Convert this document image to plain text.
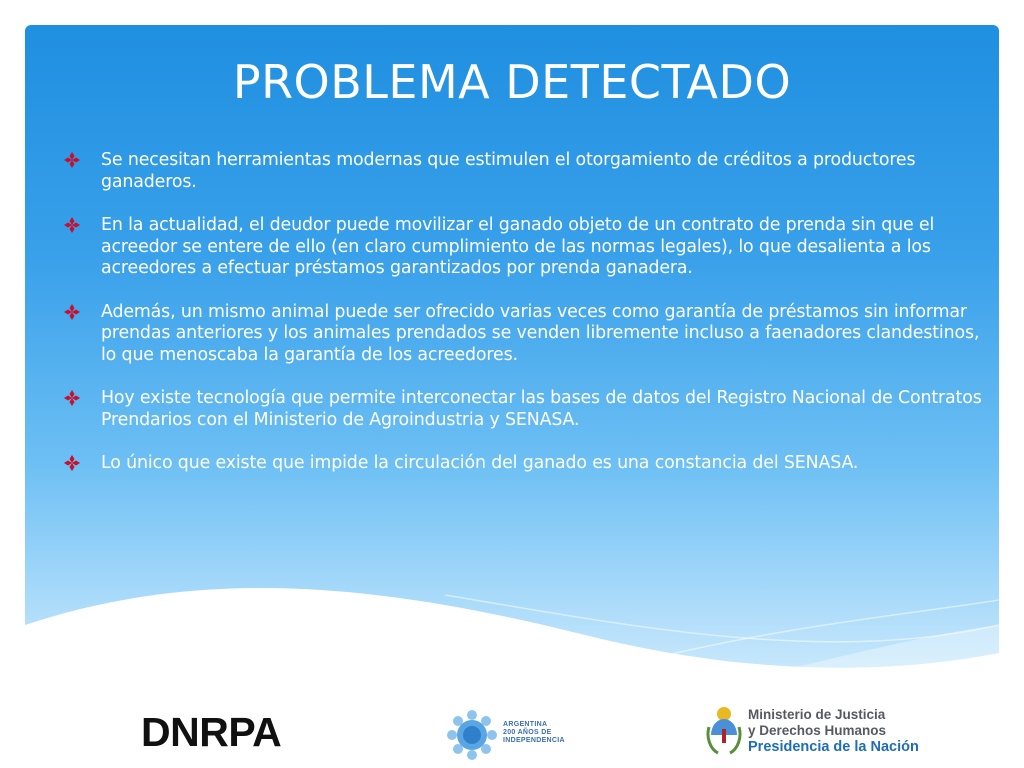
PROBLEMA DETECTADO
Se necesitan herramientas modernas que estimulen el otorgamiento de créditos a productores ganaderos.
En la actualidad, el deudor puede movilizar el ganado objeto de un contrato de prenda sin que el acreedor se entere de ello (en claro cumplimiento de las normas legales), lo que desalienta a los acreedores a efectuar préstamos garantizados por prenda ganadera.
Además, un mismo animal puede ser ofrecido varias veces como garantía de préstamos sin informar prendas anteriores y los animales prendados se venden libremente incluso a faenadores clandestinos, lo que menoscaba la garantía de los acreedores.
Hoy existe tecnología que permite interconectar las bases de datos del Registro Nacional de Contratos Prendarios con el Ministerio de Agroindustria y SENASA.
Lo único que existe que impide la circulación del ganado es una constancia del SENASA.
DNRPA	ARGENTINA
200 AÑOS DE
INDEPENDENCIA
Ministerio de Justicia
y Derechos Humanos
Presidencia de la Nación
